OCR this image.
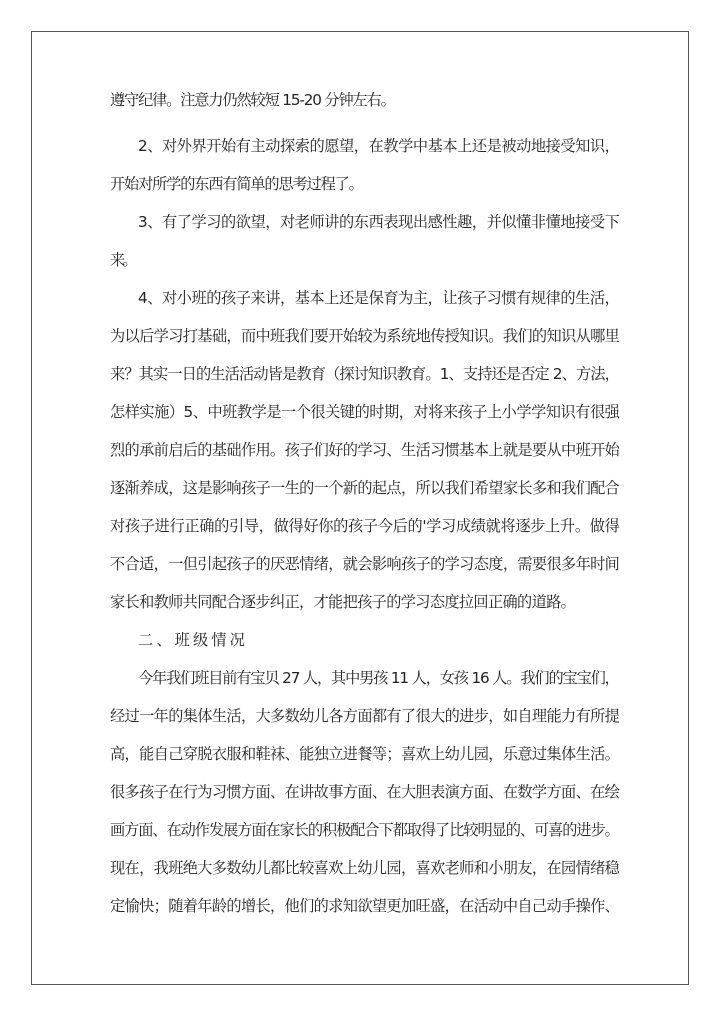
遵守纪律。注意力仍然较短 15-20 分钟左右。
2、对外界开始有主动探索的愿望，在教学中基本上还是被动地接受知识，
开始对所学的东西有简单的思考过程了。
3、有了学习的欲望，对老师讲的东西表现出感性趣，并似懂非懂地接受下
来。
4、对小班的孩子来讲，基本上还是保育为主，让孩子习惯有规律的生活，
为以后学习打基础，而中班我们要开始较为系统地传授知识。我们的知识从哪里
来？其实一日的生活活动皆是教育（探讨知识教育。1、支持还是否定 2、方法，
怎样实施）5、中班教学是一个很关键的时期，对将来孩子上小学学知识有很强
烈的承前启后的基础作用。孩子们好的学习、生活习惯基本上就是要从中班开始
逐渐养成，这是影响孩子一生的一个新的起点，所以我们希望家长多和我们配合
对孩子进行正确的引导，做得好你的孩子今后的'学习成绩就将逐步上升。做得
不合适，一但引起孩子的厌恶情绪，就会影响孩子的学习态度，需要很多年时间
家长和教师共同配合逐步纠正，才能把孩子的学习态度拉回正确的道路。
二、班级情况
今年我们班目前有宝贝 27 人，其中男孩 11 人，女孩 16 人。我们的宝宝们，
经过一年的集体生活，大多数幼儿各方面都有了很大的进步，如自理能力有所提
高，能自己穿脱衣服和鞋袜、能独立进餐等；喜欢上幼儿园，乐意过集体生活。
很多孩子在行为习惯方面、在讲故事方面、在大胆表演方面、在数学方面、在绘
画方面、在动作发展方面在家长的积极配合下都取得了比较明显的、可喜的进步。
现在，我班绝大多数幼儿都比较喜欢上幼儿园，喜欢老师和小朋友，在园情绪稳
定愉快；随着年龄的增长，他们的求知欲望更加旺盛，在活动中自己动手操作、
